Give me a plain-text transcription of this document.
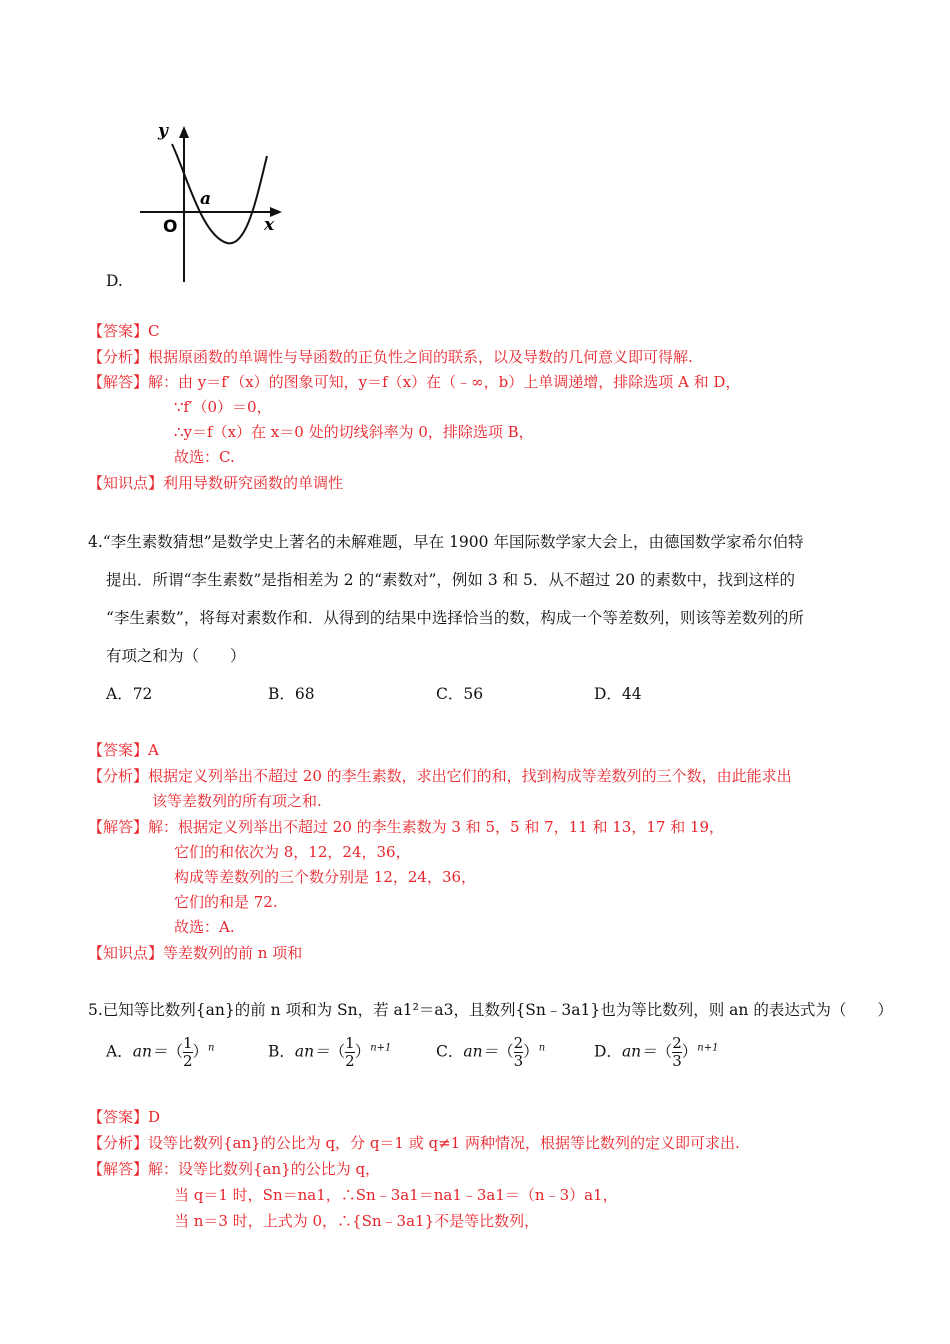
y
x
O
a
D.
【答案】C
【分析】根据原函数的单调性与导函数的正负性之间的联系，以及导数的几何意义即可得解.
【解答】解：由 y＝f′（x）的图象可知，y＝f（x）在（﹣∞，b）上单调递增，排除选项 A 和 D，
∵f′（0）＝0，
∴y＝f（x）在 x＝0 处的切线斜率为 0，排除选项 B，
故选：C.
【知识点】利用导数研究函数的单调性
4.“李生素数猜想”是数学史上著名的未解难题，早在 1900 年国际数学家大会上，由德国数学家希尔伯特
提出．所谓“李生素数”是指相差为 2 的“素数对”，例如 3 和 5．从不超过 20 的素数中，找到这样的
“李生素数”，将每对素数作和．从得到的结果中选择恰当的数，构成一个等差数列，则该等差数列的所
有项之和为（　　）
A．72	B．68	C．56	D．44
【答案】A
【分析】根据定义列举出不超过 20 的李生素数，求出它们的和，找到构成等差数列的三个数，由此能求出
该等差数列的所有项之和.
【解答】解：根据定义列举出不超过 20 的李生素数为 3 和 5，5 和 7，11 和 13，17 和 19，
它们的和依次为 8，12，24，36，
构成等差数列的三个数分别是 12，24，36，
它们的和是 72.
故选：A.
【知识点】等差数列的前 n 项和
5.已知等比数列{an}的前 n 项和为 Sn，若 a1²＝a3，且数列{Sn﹣3a1}也为等比数列，则 an 的表达式为（　　）
A．$an=( \frac{1}{2} )^n$	B．$an=( \frac{1}{2} )^{n+1}$	C．$an=( \frac{2}{3} )^n$	D．$an=( \frac{2}{3} )^{n+1}$
【答案】D
【分析】设等比数列{an}的公比为 q，分 q＝1 或 q≠1 两种情况，根据等比数列的定义即可求出.
【解答】解：设等比数列{an}的公比为 q，
当 q＝1 时，Sn＝na1，∴Sn﹣3a1＝na1﹣3a1＝（n﹣3）a1，
当 n＝3 时，上式为 0，∴{Sn﹣3a1}不是等比数列，
